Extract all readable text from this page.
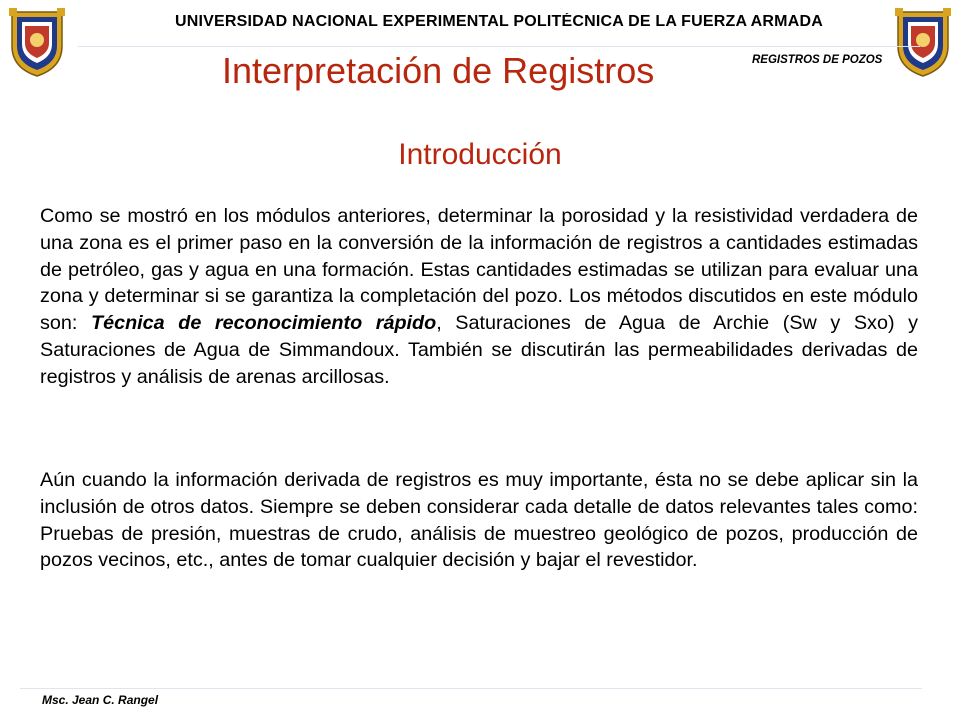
UNIVERSIDAD NACIONAL EXPERIMENTAL POLITÉCNICA DE LA FUERZA ARMADA
REGISTROS DE POZOS
Interpretación de Registros
Introducción

Como se mostró en los módulos anteriores, determinar la porosidad y la resistividad verdadera de una zona es el primer paso en la conversión de la información de registros a cantidades estimadas de petróleo, gas y agua en una formación. Estas cantidades estimadas se utilizan para evaluar una zona y determinar si se garantiza la completación del pozo. Los métodos discutidos en este módulo son: Técnica de reconocimiento rápido, Saturaciones de Agua de Archie (Sw y Sxo) y Saturaciones de Agua de Simmandoux. También se discutirán las permeabilidades derivadas de registros y análisis de arenas arcillosas.

Aún cuando la información derivada de registros es muy importante, ésta no se debe aplicar sin la inclusión de otros datos. Siempre se deben considerar cada detalle de datos relevantes tales como: Pruebas de presión, muestras de crudo, análisis de muestreo geológico de pozos, producción de pozos vecinos, etc., antes de tomar cualquier decisión y bajar el revestidor.

Msc. Jean C. Rangel
